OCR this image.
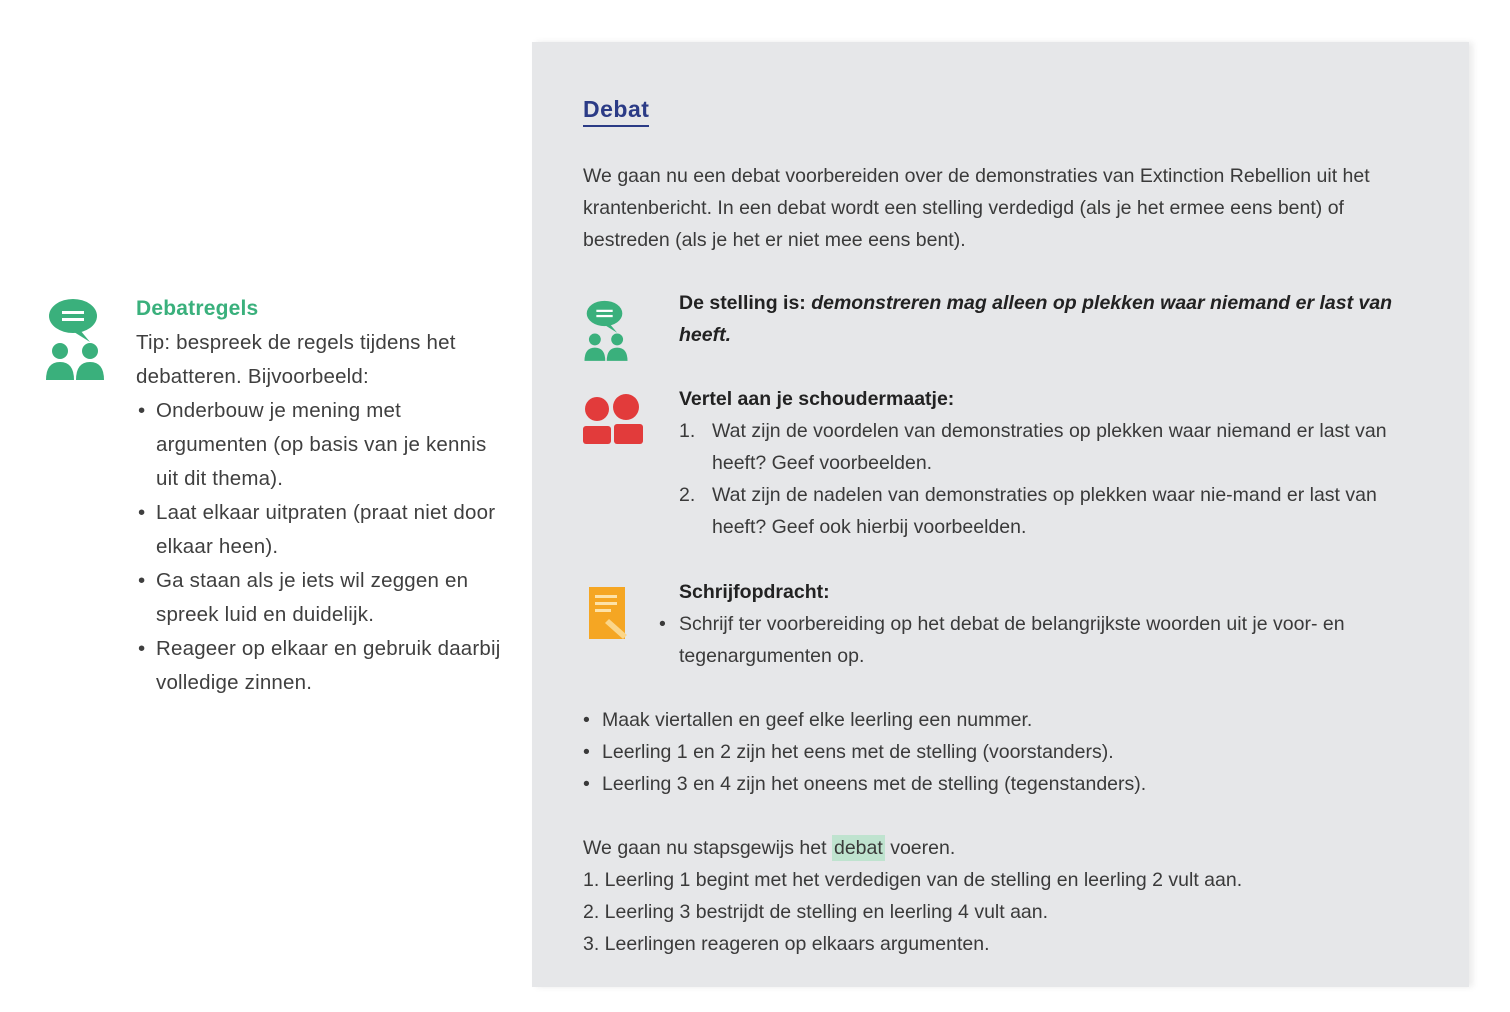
Debatregels

Tip: bespreek de regels tijdens het debatteren. Bijvoorbeeld:

• Onderbouw je mening met argumenten (op basis van je kennis uit dit thema).
• Laat elkaar uitpraten (praat niet door elkaar heen).
• Ga staan als je iets wil zeggen en spreek luid en duidelijk.
• Reageer op elkaar en gebruik daarbij volledige zinnen.
Debat

We gaan nu een debat voorbereiden over de demonstraties van Extinction Rebellion uit het krantenbericht. In een debat wordt een stelling verdedigd (als je het ermee eens bent) of bestreden (als je het er niet mee eens bent).

De stelling is: demonstreren mag alleen op plekken waar niemand er last van heeft.
Vertel aan je schoudermaatje:
1. Wat zijn de voordelen van demonstraties op plekken waar niemand er last van heeft? Geef voorbeelden.
2. Wat zijn de nadelen van demonstraties op plekken waar nie-mand er last van heeft? Geef ook hierbij voorbeelden.
Schrijfopdracht:
• Schrijf ter voorbereiding op het debat de belangrijkste woorden uit je voor- en tegenargumenten op.
• Maak viertallen en geef elke leerling een nummer.
• Leerling 1 en 2 zijn het eens met de stelling (voorstanders).
• Leerling 3 en 4 zijn het oneens met de stelling (tegenstanders).
We gaan nu stapsgewijs het debat voeren.
1. Leerling 1 begint met het verdedigen van de stelling en leerling 2 vult aan.
2. Leerling 3 bestrijdt de stelling en leerling 4 vult aan.
3. Leerlingen reageren op elkaars argumenten.
